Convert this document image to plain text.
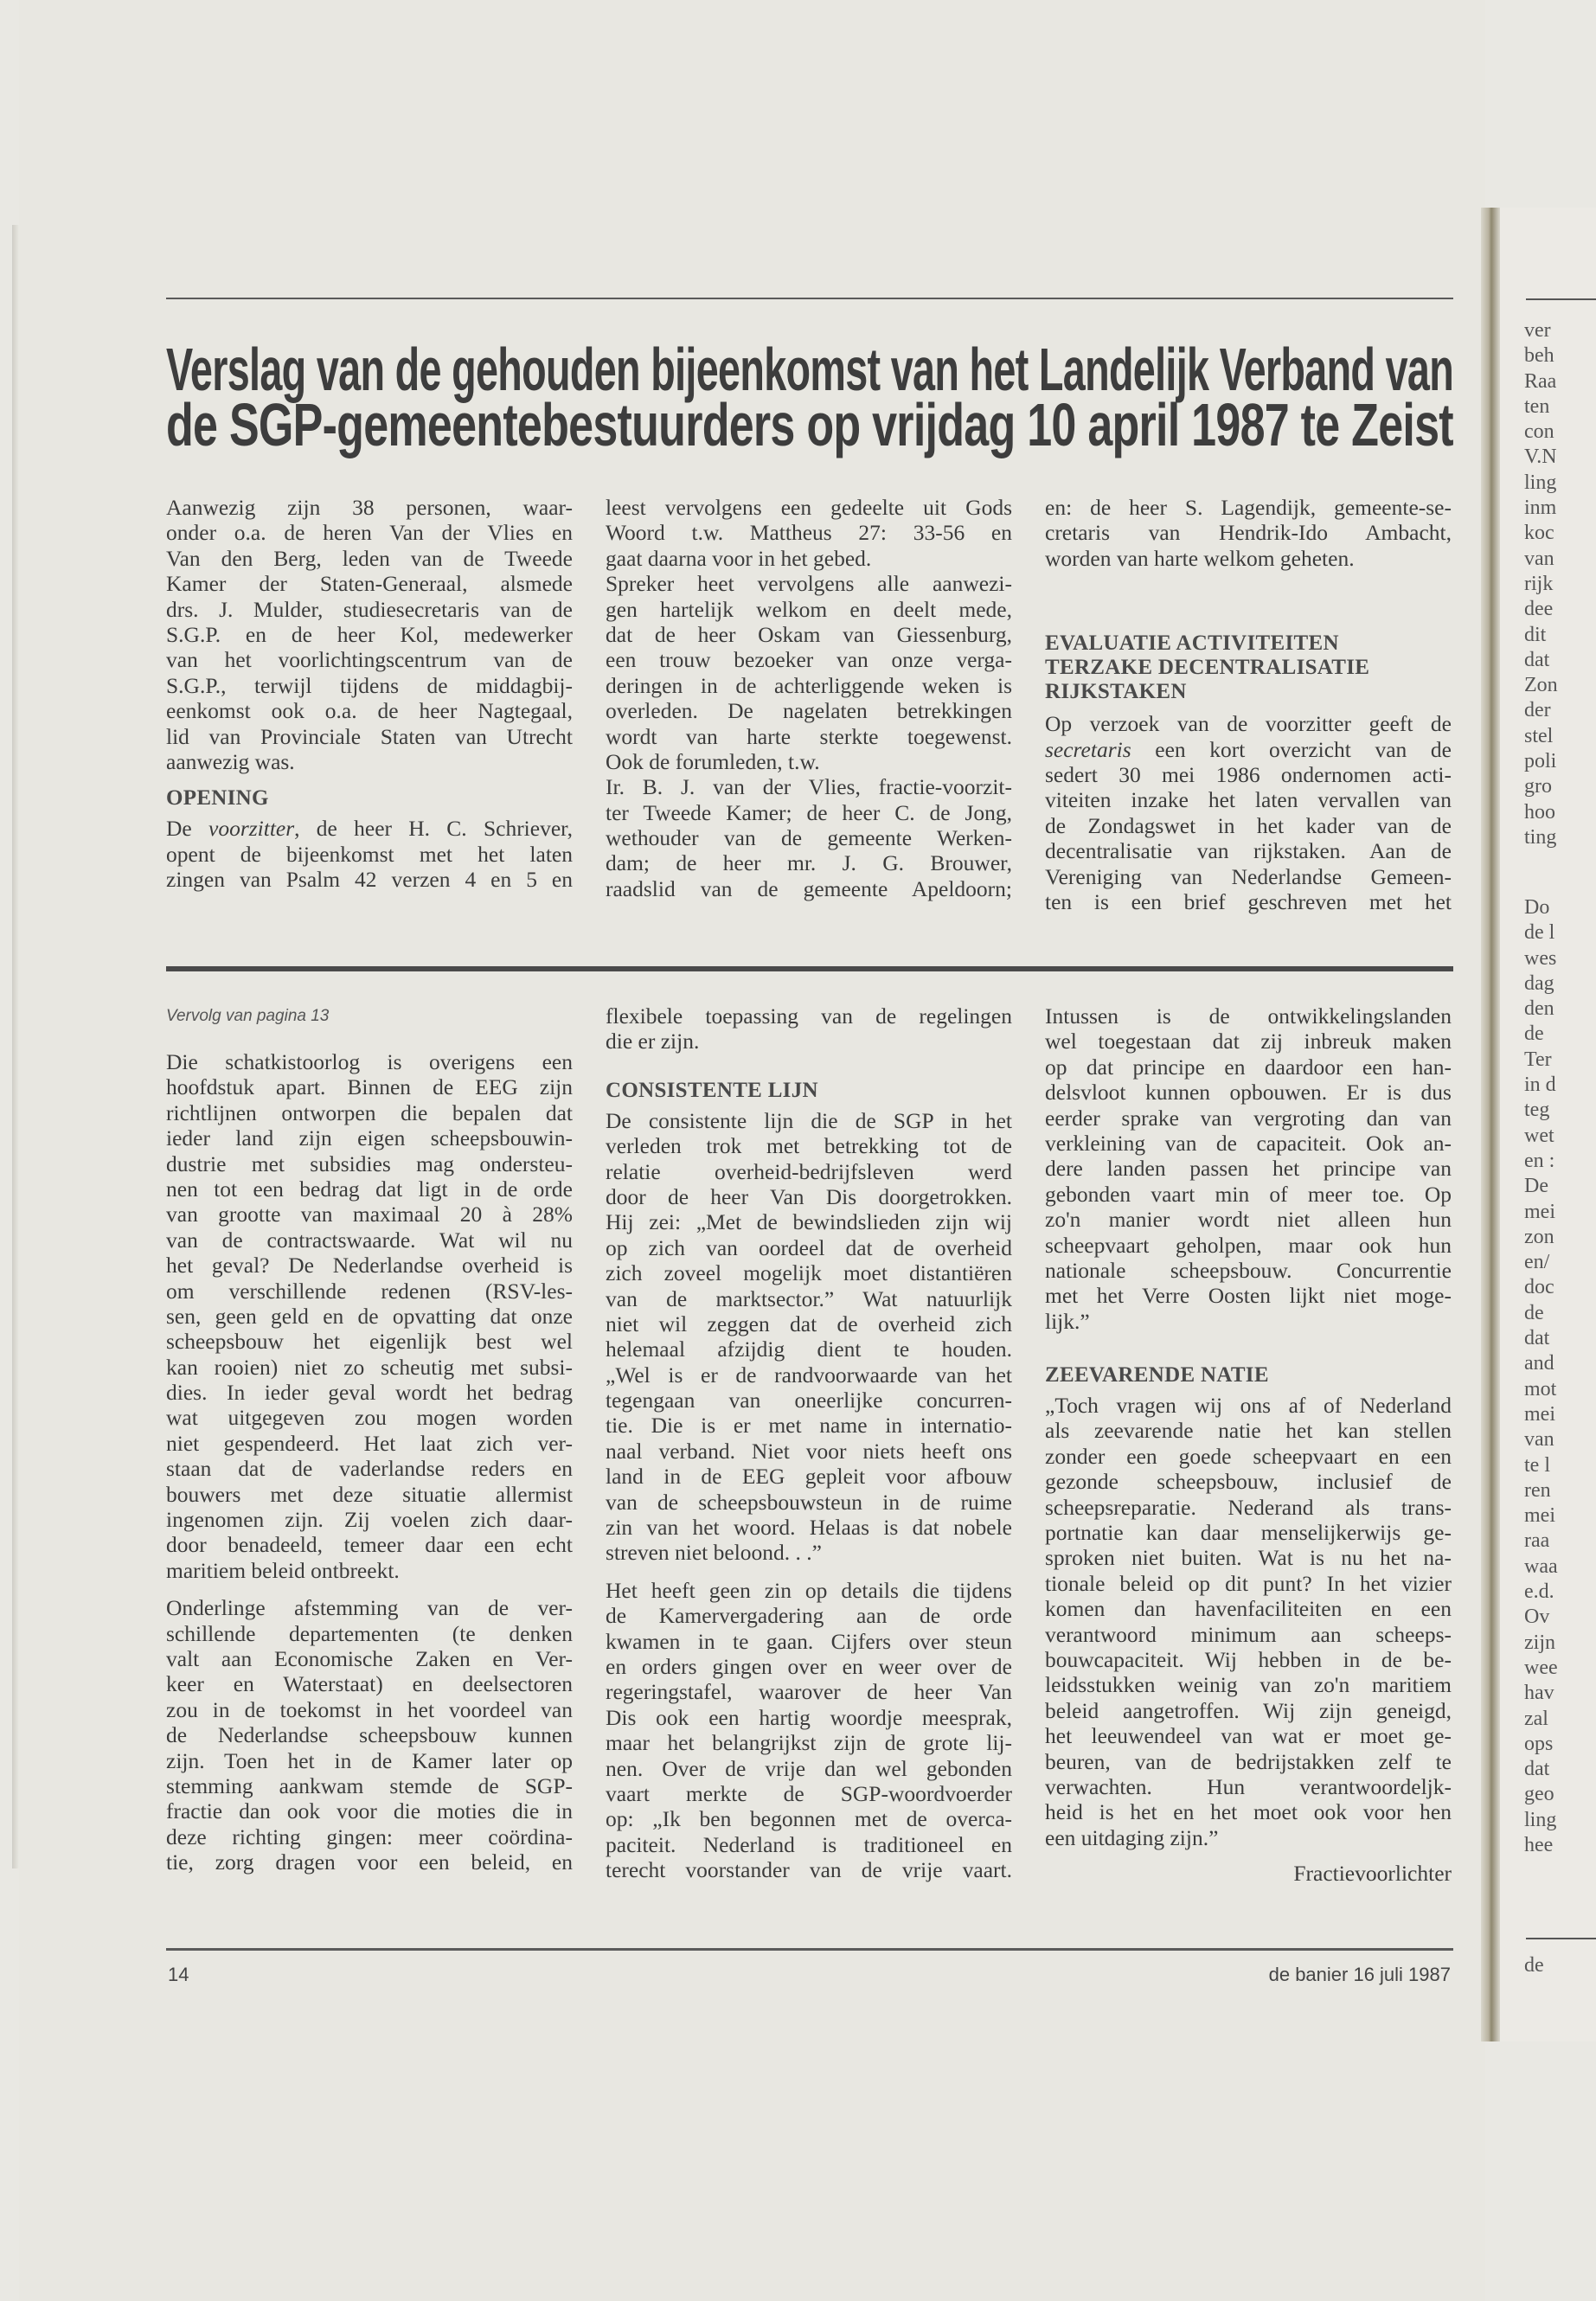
Verslag van de gehouden bijeenkomst van het Landelijk Verband van
de SGP-gemeentebestuurders op vrijdag 10 april 1987 te Zeist
Aanwezig zijn 38 personen, waar-
onder o.a. de heren Van der Vlies en
Van den Berg, leden van de Tweede
Kamer der Staten-Generaal, alsmede
drs. J. Mulder, studiesecretaris van de
S.G.P. en de heer Kol, medewerker
van het voorlichtingscentrum van de
S.G.P., terwijl tijdens de middagbij-
eenkomst ook o.a. de heer Nagtegaal,
lid van Provinciale Staten van Utrecht
aanwezig was.
OPENING
De voorzitter, de heer H. C. Schriever,
opent de bijeenkomst met het laten
zingen van Psalm 42 verzen 4 en 5 en
leest vervolgens een gedeelte uit Gods
Woord t.w. Mattheus 27: 33-56 en
gaat daarna voor in het gebed.
Spreker heet vervolgens alle aanwezi-
gen hartelijk welkom en deelt mede,
dat de heer Oskam van Giessenburg,
een trouw bezoeker van onze verga-
deringen in de achterliggende weken is
overleden. De nagelaten betrekkingen
wordt van harte sterkte toegewenst.
Ook de forumleden, t.w.
Ir. B. J. van der Vlies, fractie-voorzit-
ter Tweede Kamer; de heer C. de Jong,
wethouder van de gemeente Werken-
dam; de heer mr. J. G. Brouwer,
raadslid van de gemeente Apeldoorn;
en: de heer S. Lagendijk, gemeente-se-
cretaris van Hendrik-Ido Ambacht,
worden van harte welkom geheten.
EVALUATIE ACTIVITEITEN
TERZAKE DECENTRALISATIE
RIJKSTAKEN
Op verzoek van de voorzitter geeft de
secretaris een kort overzicht van de
sedert 30 mei 1986 ondernomen acti-
viteiten inzake het laten vervallen van
de Zondagswet in het kader van de
decentralisatie van rijkstaken. Aan de
Vereniging van Nederlandse Gemeen-
ten is een brief geschreven met het
Vervolg van pagina 13
Die schatkistoorlog is overigens een
hoofdstuk apart. Binnen de EEG zijn
richtlijnen ontworpen die bepalen dat
ieder land zijn eigen scheepsbouwin-
dustrie met subsidies mag ondersteu-
nen tot een bedrag dat ligt in de orde
van grootte van maximaal 20 à 28%
van de contractswaarde. Wat wil nu
het geval? De Nederlandse overheid is
om verschillende redenen (RSV-les-
sen, geen geld en de opvatting dat onze
scheepsbouw het eigenlijk best wel
kan rooien) niet zo scheutig met subsi-
dies. In ieder geval wordt het bedrag
wat uitgegeven zou mogen worden
niet gespendeerd. Het laat zich ver-
staan dat de vaderlandse reders en
bouwers met deze situatie allermist
ingenomen zijn. Zij voelen zich daar-
door benadeeld, temeer daar een echt
maritiem beleid ontbreekt.
Onderlinge afstemming van de ver-
schillende departementen (te denken
valt aan Economische Zaken en Ver-
keer en Waterstaat) en deelsectoren
zou in de toekomst in het voordeel van
de Nederlandse scheepsbouw kunnen
zijn. Toen het in de Kamer later op
stemming aankwam stemde de SGP-
fractie dan ook voor die moties die in
deze richting gingen: meer coördina-
tie, zorg dragen voor een beleid, en
flexibele toepassing van de regelingen
die er zijn.
CONSISTENTE LIJN
De consistente lijn die de SGP in het
verleden trok met betrekking tot de
relatie overheid-bedrijfsleven werd
door de heer Van Dis doorgetrokken.
Hij zei: „Met de bewindslieden zijn wij
op zich van oordeel dat de overheid
zich zoveel mogelijk moet distantiëren
van de marktsector.” Wat natuurlijk
niet wil zeggen dat de overheid zich
helemaal afzijdig dient te houden.
„Wel is er de randvoorwaarde van het
tegengaan van oneerlijke concurren-
tie. Die is er met name in internatio-
naal verband. Niet voor niets heeft ons
land in de EEG gepleit voor afbouw
van de scheepsbouwsteun in de ruime
zin van het woord. Helaas is dat nobele
streven niet beloond. . .”
Het heeft geen zin op details die tijdens
de Kamervergadering aan de orde
kwamen in te gaan. Cijfers over steun
en orders gingen over en weer over de
regeringstafel, waarover de heer Van
Dis ook een hartig woordje meesprak,
maar het belangrijkst zijn de grote lij-
nen. Over de vrije dan wel gebonden
vaart merkte de SGP-woordvoerder
op: „Ik ben begonnen met de overca-
paciteit. Nederland is traditioneel en
terecht voorstander van de vrije vaart.
Intussen is de ontwikkelingslanden
wel toegestaan dat zij inbreuk maken
op dat principe en daardoor een han-
delsvloot kunnen opbouwen. Er is dus
eerder sprake van vergroting dan van
verkleining van de capaciteit. Ook an-
dere landen passen het principe van
gebonden vaart min of meer toe. Op
zo'n manier wordt niet alleen hun
scheepvaart geholpen, maar ook hun
nationale scheepsbouw. Concurrentie
met het Verre Oosten lijkt niet moge-
lijk.”
ZEEVARENDE NATIE
„Toch vragen wij ons af of Nederland
als zeevarende natie het kan stellen
zonder een goede scheepvaart en een
gezonde scheepsbouw, inclusief de
scheepsreparatie. Nederand als trans-
portnatie kan daar menselijkerwijs ge-
sproken niet buiten. Wat is nu het na-
tionale beleid op dit punt? In het vizier
komen dan havenfaciliteiten en een
verantwoord minimum aan scheeps-
bouwcapaciteit. Wij hebben in de be-
leidsstukken weinig van zo'n maritiem
beleid aangetroffen. Wij zijn geneigd,
het leeuwendeel van wat er moet ge-
beuren, van de bedrijstakken zelf te
verwachten. Hun verantwoordeljk-
heid is het en het moet ook voor hen
een uitdaging zijn.”
Fractievoorlichter
14	de banier 16 juli 1987
ver
beh
Raa
ten
con
V.N
ling
inm
koc
van
rijk
dee
dit
dat
Zon
der
stel
poli
gro
hoo
ting
Do
de l
wes
dag
den
de
Ter
in d
teg
wet
en :
De
mei
zon
en/
doc
de
dat
and
mot
mei
van
te l
ren
mei
raa
waa
e.d.
Ov
zijn
wee
hav
zal
ops
dat
geo
ling
hee
de
